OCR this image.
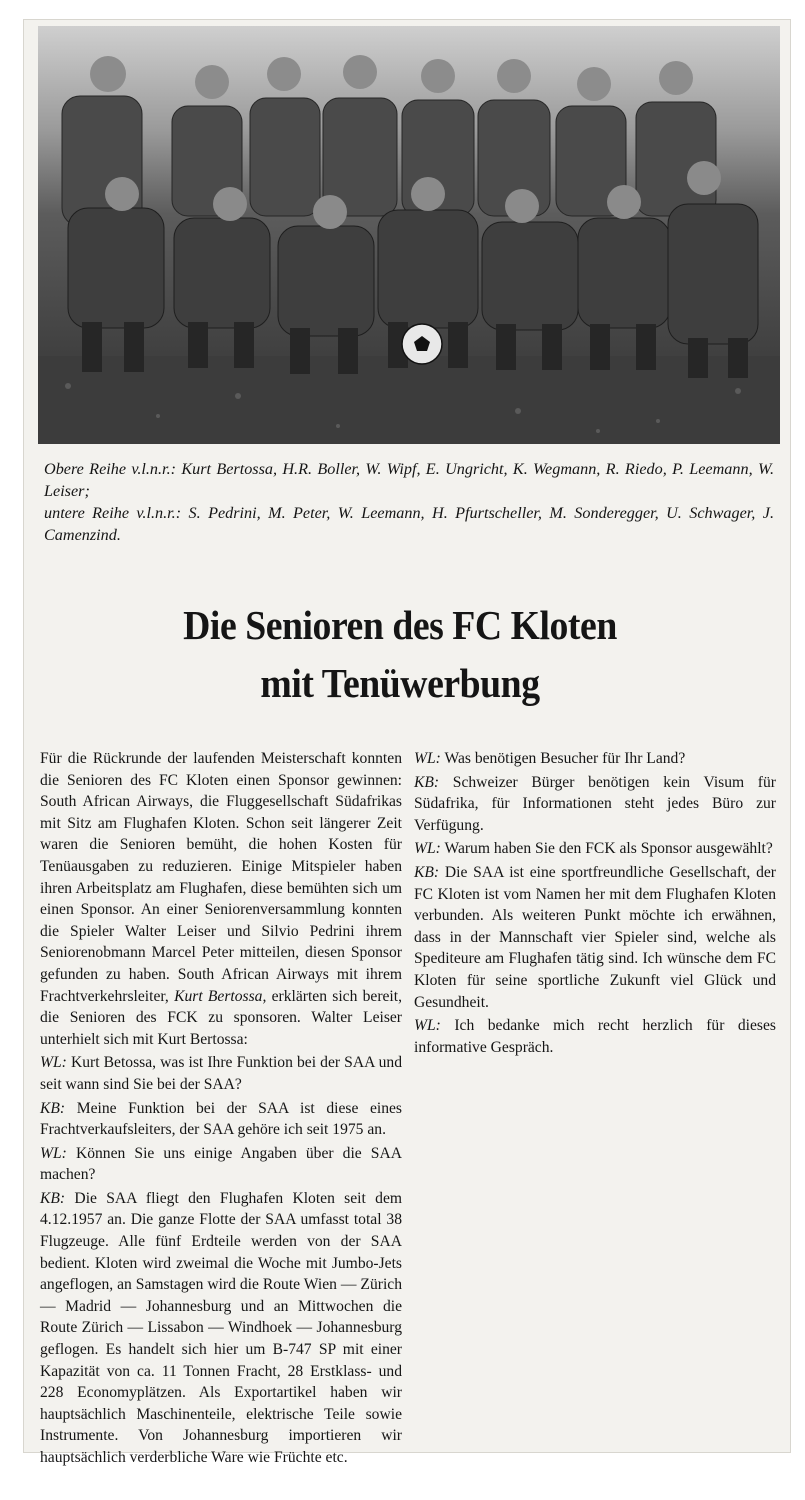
Obere Reihe v.l.n.r.: Kurt Bertossa, H.R. Boller, W. Wipf, E. Ungricht, K. Wegmann, R. Riedo, P. Leemann, W. Leiser;

untere Reihe v.l.n.r.: S. Pedrini, M. Peter, W. Leemann, H. Pfurtscheller, M. Sonderegger, U. Schwager, J. Camenzind.

Die Senioren des FC Kloten
mit Tenüwerbung

Für die Rückrunde der laufenden Meisterschaft konnten die Senioren des FC Kloten einen Sponsor gewinnen: South African Airways, die Fluggesellschaft Südafrikas mit Sitz am Flughafen Kloten. Schon seit längerer Zeit waren die Senioren bemüht, die hohen Kosten für Tenüausgaben zu reduzieren. Einige Mitspieler haben ihren Arbeitsplatz am Flughafen, diese bemühten sich um einen Sponsor. An einer Seniorenversammlung konnten die Spieler Walter Leiser und Silvio Pedrini ihrem Seniorenobmann Marcel Peter mitteilen, diesen Sponsor gefunden zu haben. South African Airways mit ihrem Frachtverkehrsleiter, Kurt Bertossa, erklärten sich bereit, die Senioren des FCK zu sponsoren. Walter Leiser unterhielt sich mit Kurt Bertossa:

WL: Kurt Betossa, was ist Ihre Funktion bei der SAA und seit wann sind Sie bei der SAA?

KB: Meine Funktion bei der SAA ist diese eines Frachtverkaufsleiters, der SAA gehöre ich seit 1975 an.

WL: Können Sie uns einige Angaben über die SAA machen?

KB: Die SAA fliegt den Flughafen Kloten seit dem 4.12.1957 an. Die ganze Flotte der SAA umfasst total 38 Flugzeuge. Alle fünf Erdteile werden von der SAA bedient. Kloten wird zweimal die Woche mit Jumbo-Jets angeflogen, an Samstagen wird die Route Wien — Zürich — Madrid — Johannesburg und an Mittwochen die Route Zürich — Lissabon — Windhoek — Johannesburg geflogen. Es handelt sich hier um B-747 SP mit einer Kapazität von ca. 11 Tonnen Fracht, 28 Erstklass- und 228 Economyplätzen. Als Exportartikel haben wir hauptsächlich Maschinenteile, elektrische Teile sowie Instrumente. Von Johannesburg importieren wir hauptsächlich verderbliche Ware wie Früchte etc.

WL: Was benötigen Besucher für Ihr Land?

KB: Schweizer Bürger benötigen kein Visum für Südafrika, für Informationen steht jedes Büro zur Verfügung.

WL: Warum haben Sie den FCK als Sponsor ausgewählt?

KB: Die SAA ist eine sportfreundliche Gesellschaft, der FC Kloten ist vom Namen her mit dem Flughafen Kloten verbunden. Als weiteren Punkt möchte ich erwähnen, dass in der Mannschaft vier Spieler sind, welche als Spediteure am Flughafen tätig sind. Ich wünsche dem FC Kloten für seine sportliche Zukunft viel Glück und Gesundheit.

WL: Ich bedanke mich recht herzlich für dieses informative Gespräch.
